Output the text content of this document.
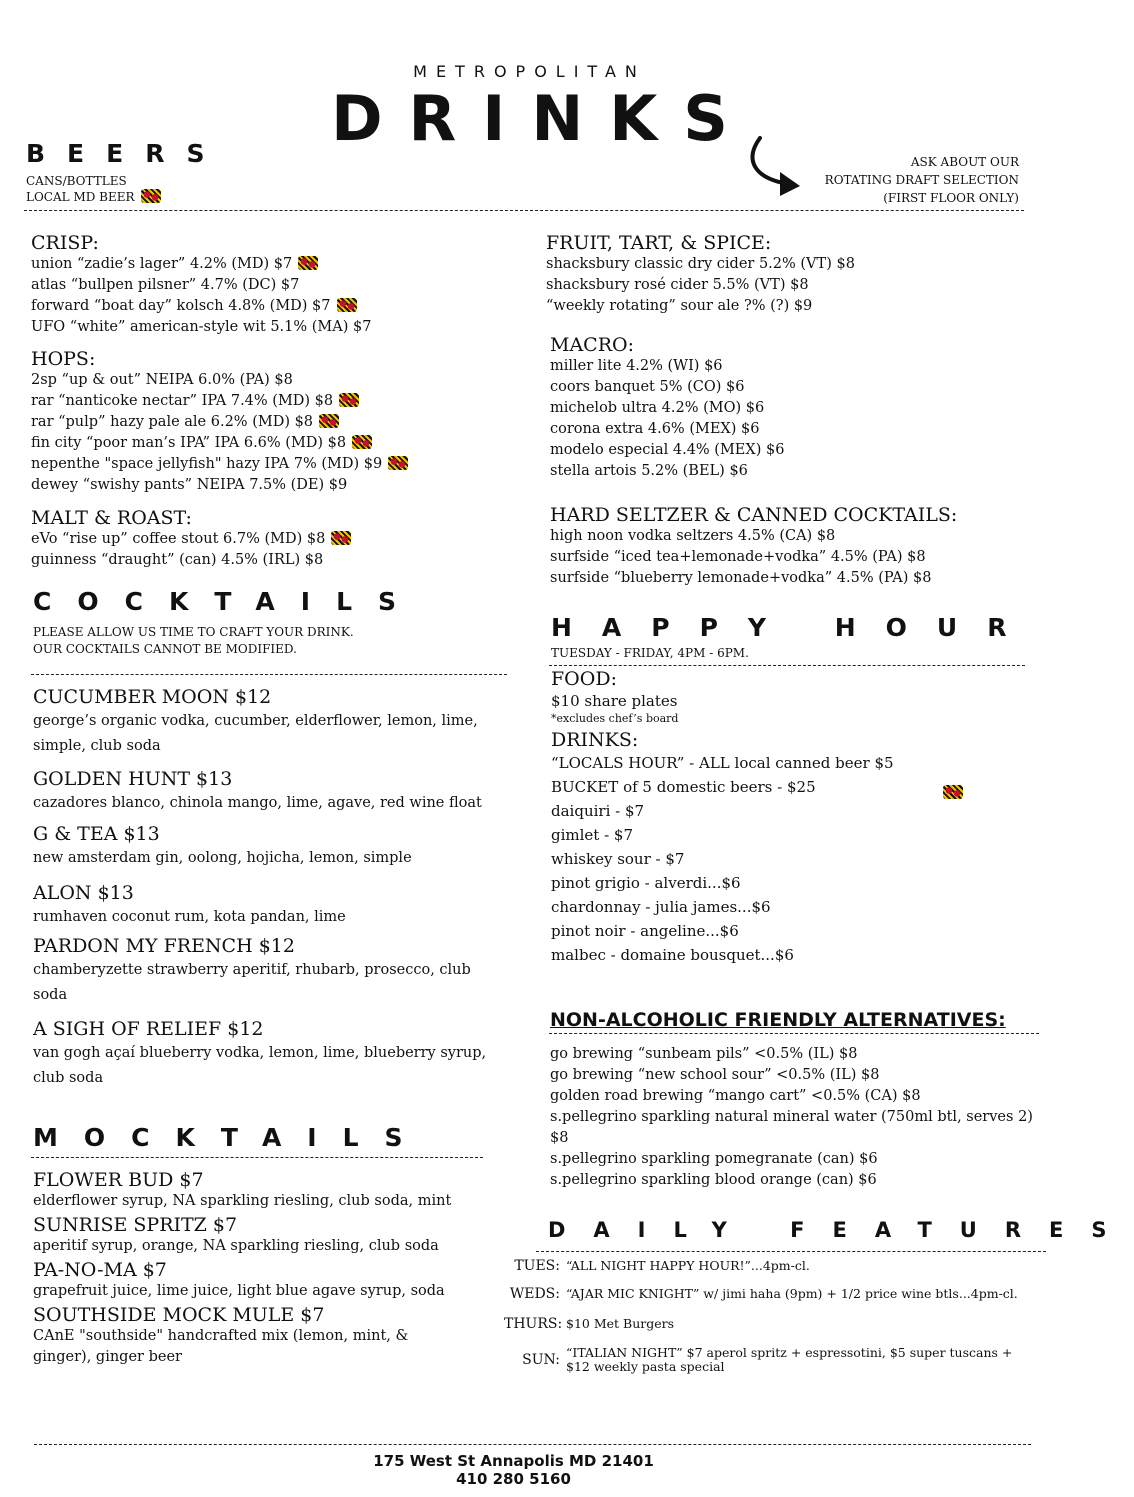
METROPOLITAN
DRINKS
BEERS
CANS/BOTTLES
LOCAL MD BEER
ASK ABOUT OUR
ROTATING DRAFT SELECTION
(FIRST FLOOR ONLY)
CRISP:
union “zadie’s lager” 4.2% (MD) $7
atlas “bullpen pilsner” 4.7% (DC) $7
forward “boat day” kolsch 4.8% (MD) $7
UFO “white” american-style wit 5.1% (MA) $7
HOPS:
2sp “up & out” NEIPA 6.0% (PA) $8
rar “nanticoke nectar” IPA 7.4% (MD) $8
rar “pulp” hazy pale ale 6.2% (MD) $8
fin city “poor man’s IPA” IPA 6.6% (MD) $8
nepenthe "space jellyfish" hazy IPA 7% (MD) $9
dewey “swishy pants” NEIPA 7.5% (DE) $9
MALT & ROAST:
eVo “rise up” coffee stout 6.7% (MD) $8
guinness “draught” (can) 4.5% (IRL) $8
FRUIT, TART, & SPICE:
shacksbury classic dry cider 5.2% (VT) $8
shacksbury rosé cider 5.5% (VT) $8
“weekly rotating” sour ale ?% (?) $9
MACRO:
miller lite 4.2% (WI) $6
coors banquet 5% (CO) $6
michelob ultra 4.2% (MO) $6
corona extra 4.6% (MEX) $6
modelo especial 4.4% (MEX) $6
stella artois 5.2% (BEL) $6
HARD SELTZER & CANNED COCKTAILS:
high noon vodka seltzers 4.5% (CA) $8
surfside “iced tea+lemonade+vodka” 4.5% (PA) $8
surfside “blueberry lemonade+vodka” 4.5% (PA) $8
COCKTAILS
PLEASE ALLOW US TIME TO CRAFT YOUR DRINK.
OUR COCKTAILS CANNOT BE MODIFIED.
CUCUMBER MOON $12
george’s organic vodka, cucumber, elderflower, lemon, lime, simple, club soda
GOLDEN HUNT $13
cazadores blanco, chinola mango, lime, agave, red wine float
G & TEA $13
new amsterdam gin, oolong, hojicha, lemon, simple
ALON $13
rumhaven coconut rum, kota pandan, lime
PARDON MY FRENCH $12
chamberyzette strawberry aperitif, rhubarb, prosecco, club soda
A SIGH OF RELIEF $12
van gogh açaí blueberry vodka, lemon, lime, blueberry syrup, club soda
MOCKTAILS
FLOWER BUD $7
elderflower syrup, NA sparkling riesling, club soda, mint
SUNRISE SPRITZ $7
aperitif syrup, orange, NA sparkling riesling, club soda
PA-NO-MA $7
grapefruit juice, lime juice, light blue agave syrup, soda
SOUTHSIDE MOCK MULE $7
CAnE "southside" handcrafted mix (lemon, mint, & ginger), ginger beer
HAPPY HOUR
TUESDAY - FRIDAY, 4PM - 6PM.
FOOD:
$10 share plates
*excludes chef’s board
DRINKS:
“LOCALS HOUR” - ALL local canned beer $5
BUCKET of 5 domestic beers - $25
daiquiri - $7
gimlet - $7
whiskey sour - $7
pinot grigio - alverdi...$6
chardonnay - julia james...$6
pinot noir - angeline...$6
malbec - domaine bousquet...$6
NON-ALCOHOLIC FRIENDLY ALTERNATIVES:
go brewing “sunbeam pils” <0.5% (IL) $8
go brewing “new school sour” <0.5% (IL) $8
golden road brewing “mango cart” <0.5% (CA) $8
s.pellegrino sparkling natural mineral water (750ml btl, serves 2) $8
s.pellegrino sparkling pomegranate (can) $6
s.pellegrino sparkling blood orange (can) $6
DAILY FEATURES
TUES: “ALL NIGHT HAPPY HOUR!”...4pm-cl.
WEDS: “AJAR MIC KNIGHT” w/ jimi haha (9pm) + 1/2 price wine btls...4pm-cl.
THURS: $10 Met Burgers
SUN: “ITALIAN NIGHT” $7 aperol spritz + espressotini, $5 super tuscans + $12 weekly pasta special
175 West St Annapolis MD 21401
410 280 5160
